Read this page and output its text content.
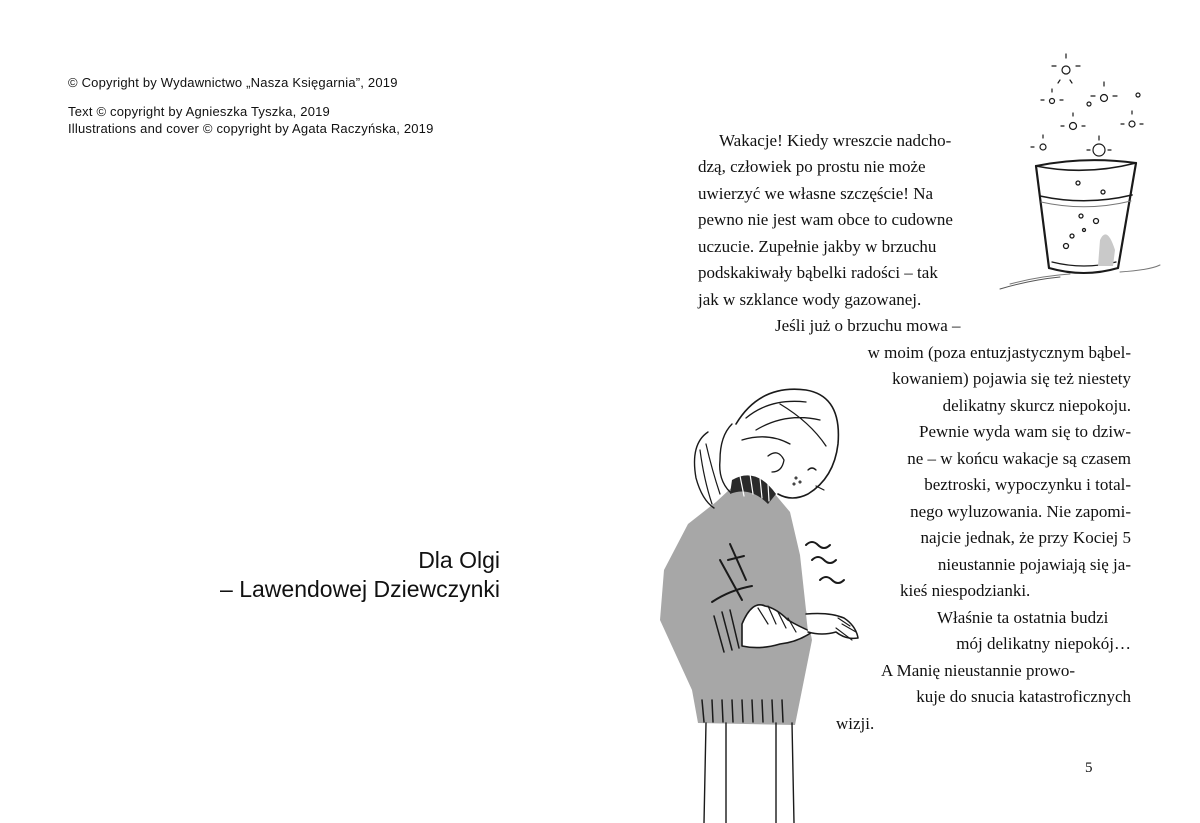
© Copyright by Wydawnictwo „Nasza Księgarnia”, 2019
Text © copyright by Agnieszka Tyszka, 2019
Illustrations and cover © copyright by Agata Raczyńska, 2019
Dla Olgi
– Lawendowej Dziewczynki
Wakacje! Kiedy wreszcie nadcho-
dzą, człowiek po prostu nie może
uwierzyć we własne szczęście! Na
pewno nie jest wam obce to cudowne
uczucie. Zupełnie jakby w brzuchu
podskakiwały bąbelki radości – tak
jak w szklance wody gazowanej.
Jeśli już o brzuchu mowa –
w moim (poza entuzjastycznym bąbel-
kowaniem) pojawia się też niestety
delikatny skurcz niepokoju.
Pewnie wyda wam się to dziw-
ne – w końcu wakacje są czasem
beztroski, wypoczynku i total-
nego wyluzowania. Nie zapomi-
najcie jednak, że przy Kociej 5
nieustannie pojawiają się ja-
kieś niespodzianki.
Właśnie ta ostatnia budzi
mój delikatny niepokój…
A Manię nieustannie prowo-
kuje do snucia katastroficznych
wizji.
5
